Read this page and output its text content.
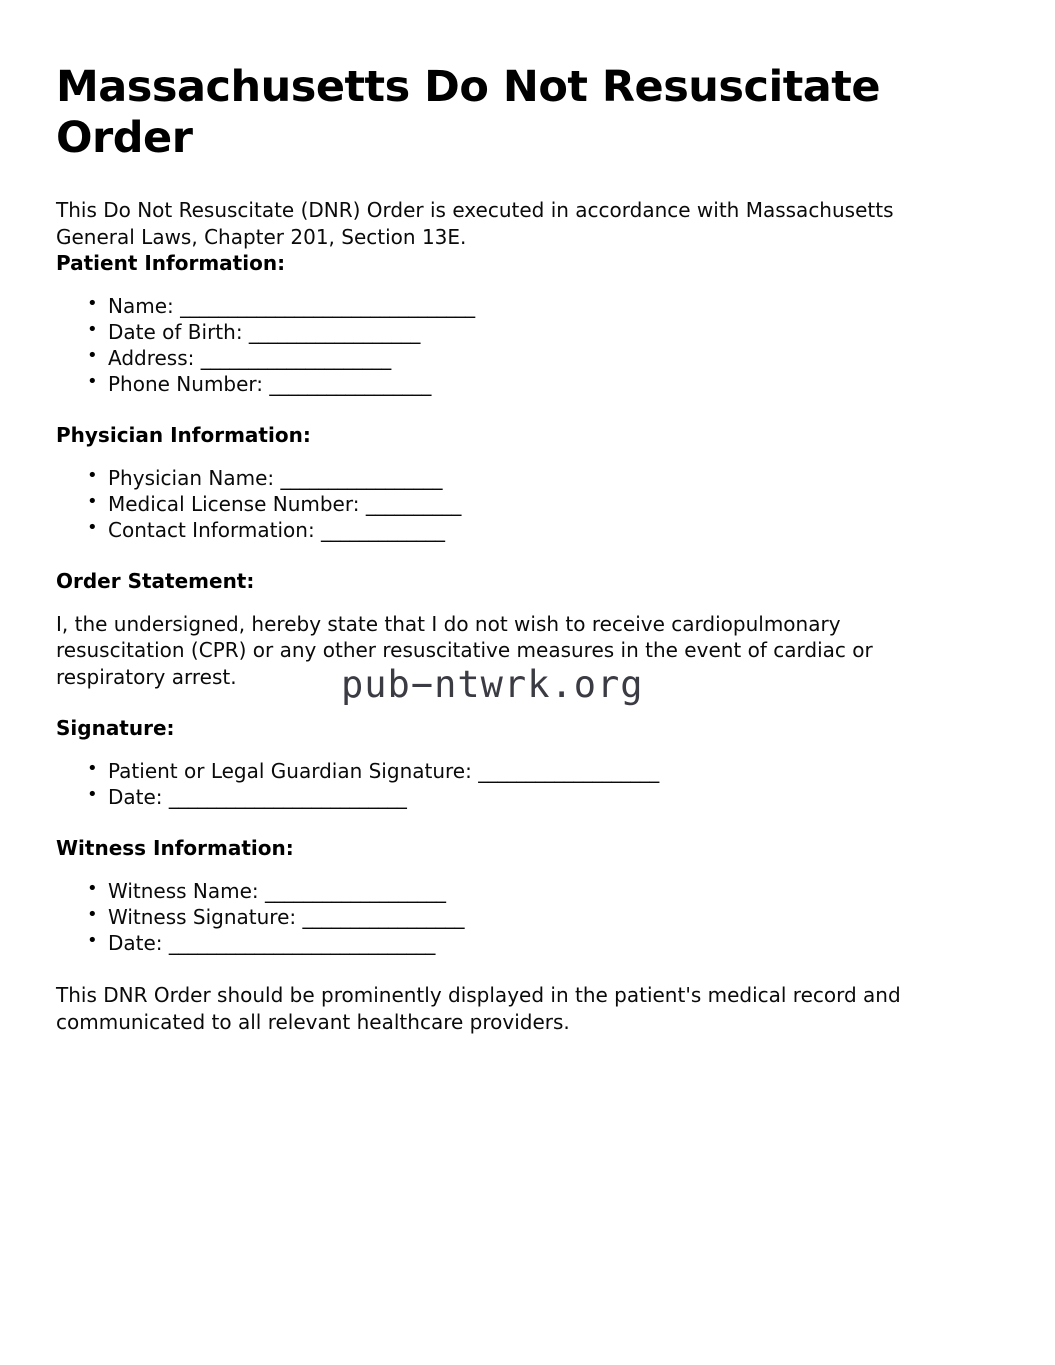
Massachusetts Do Not Resuscitate Order

This Do Not Resuscitate (DNR) Order is executed in accordance with Massachusetts General Laws, Chapter 201, Section 13E.

Patient Information:
• Name: _______________________________
• Date of Birth: __________________
• Address: ____________________
• Phone Number: _________________
Physician Information:
• Physician Name: _________________
• Medical License Number: __________
• Contact Information: _____________
Order Statement:

I, the undersigned, hereby state that I do not wish to receive cardiopulmonary resuscitation (CPR) or any other resuscitative measures in the event of cardiac or respiratory arrest.

Signature:
• Patient or Legal Guardian Signature: ___________________
• Date: _________________________
Witness Information:
• Witness Name: ___________________
• Witness Signature: _________________
• Date: ____________________________

This DNR Order should be prominently displayed in the patient's medical record and communicated to all relevant healthcare providers.

pub−ntwrk.org
